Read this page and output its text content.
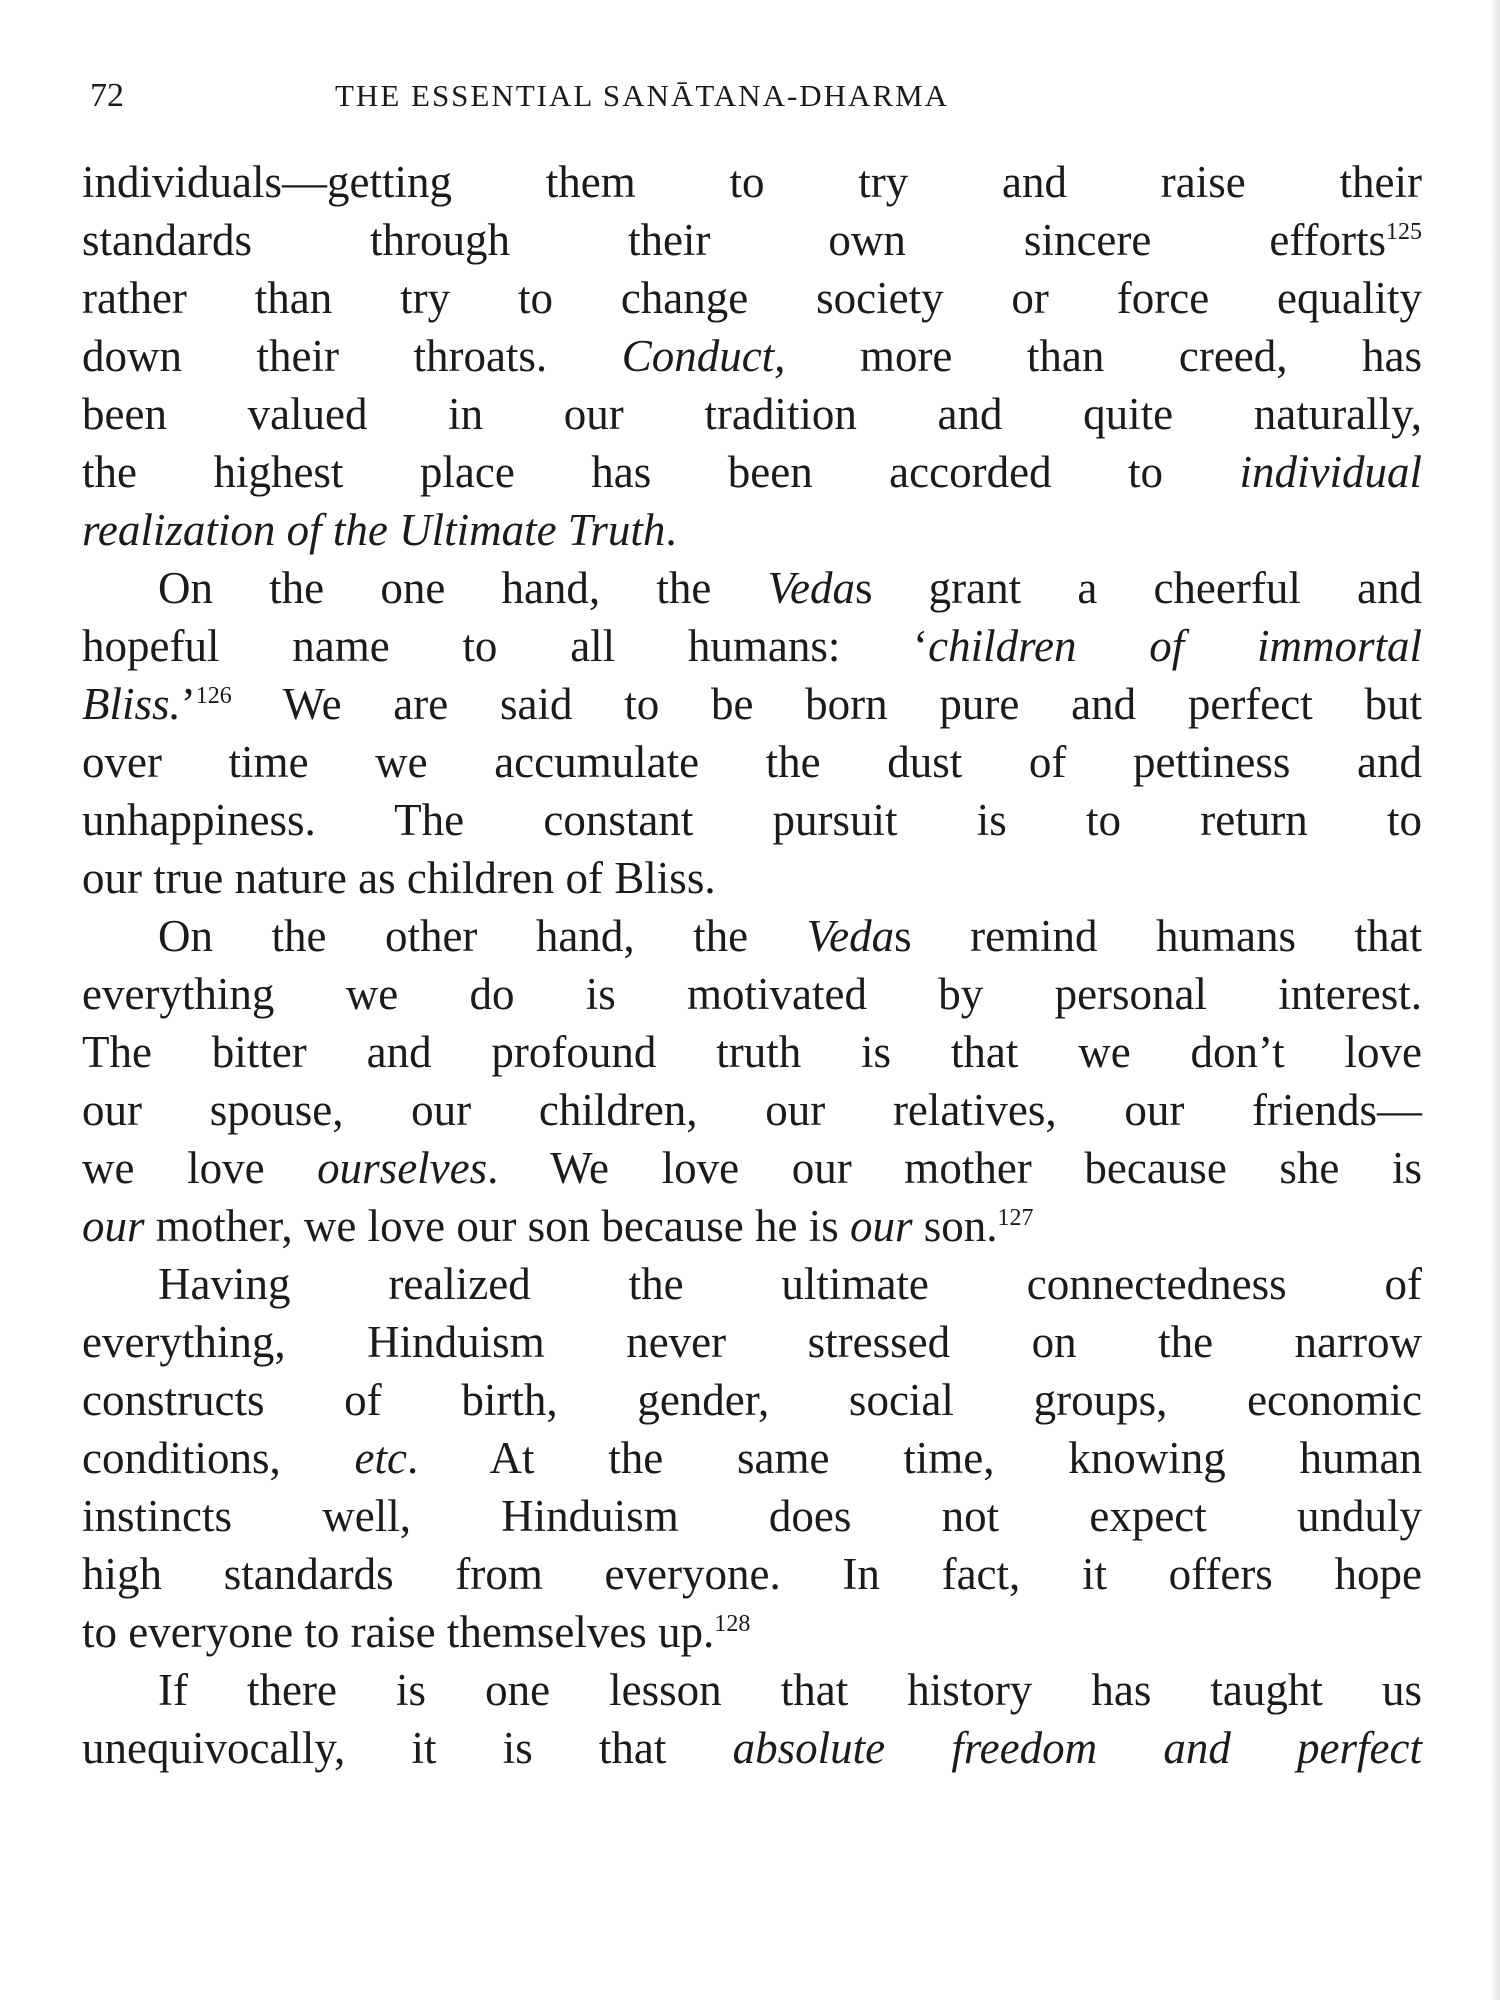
72	THE ESSENTIAL SANĀTANA-DHARMA
individuals—getting them to try and raise their
standards through their own sincere efforts$^{125}$
rather than try to change society or force equality
down their throats. Conduct, more than creed, has
been valued in our tradition and quite naturally,
the highest place has been accorded to individual
realization of the Ultimate Truth.
On the one hand, the Vedas grant a cheerful and
hopeful name to all humans: ‘children of immortal
Bliss.’$^{126}$ We are said to be born pure and perfect but
over time we accumulate the dust of pettiness and
unhappiness. The constant pursuit is to return to
our true nature as children of Bliss.
On the other hand, the Vedas remind humans that
everything we do is motivated by personal interest.
The bitter and profound truth is that we don’t love
our spouse, our children, our relatives, our friends—
we love ourselves. We love our mother because she is
our mother, we love our son because he is our son.$^{127}$
Having realized the ultimate connectedness of
everything, Hinduism never stressed on the narrow
constructs of birth, gender, social groups, economic
conditions, etc. At the same time, knowing human
instincts well, Hinduism does not expect unduly
high standards from everyone. In fact, it offers hope
to everyone to raise themselves up.$^{128}$
If there is one lesson that history has taught us
unequivocally, it is that absolute freedom and perfect
